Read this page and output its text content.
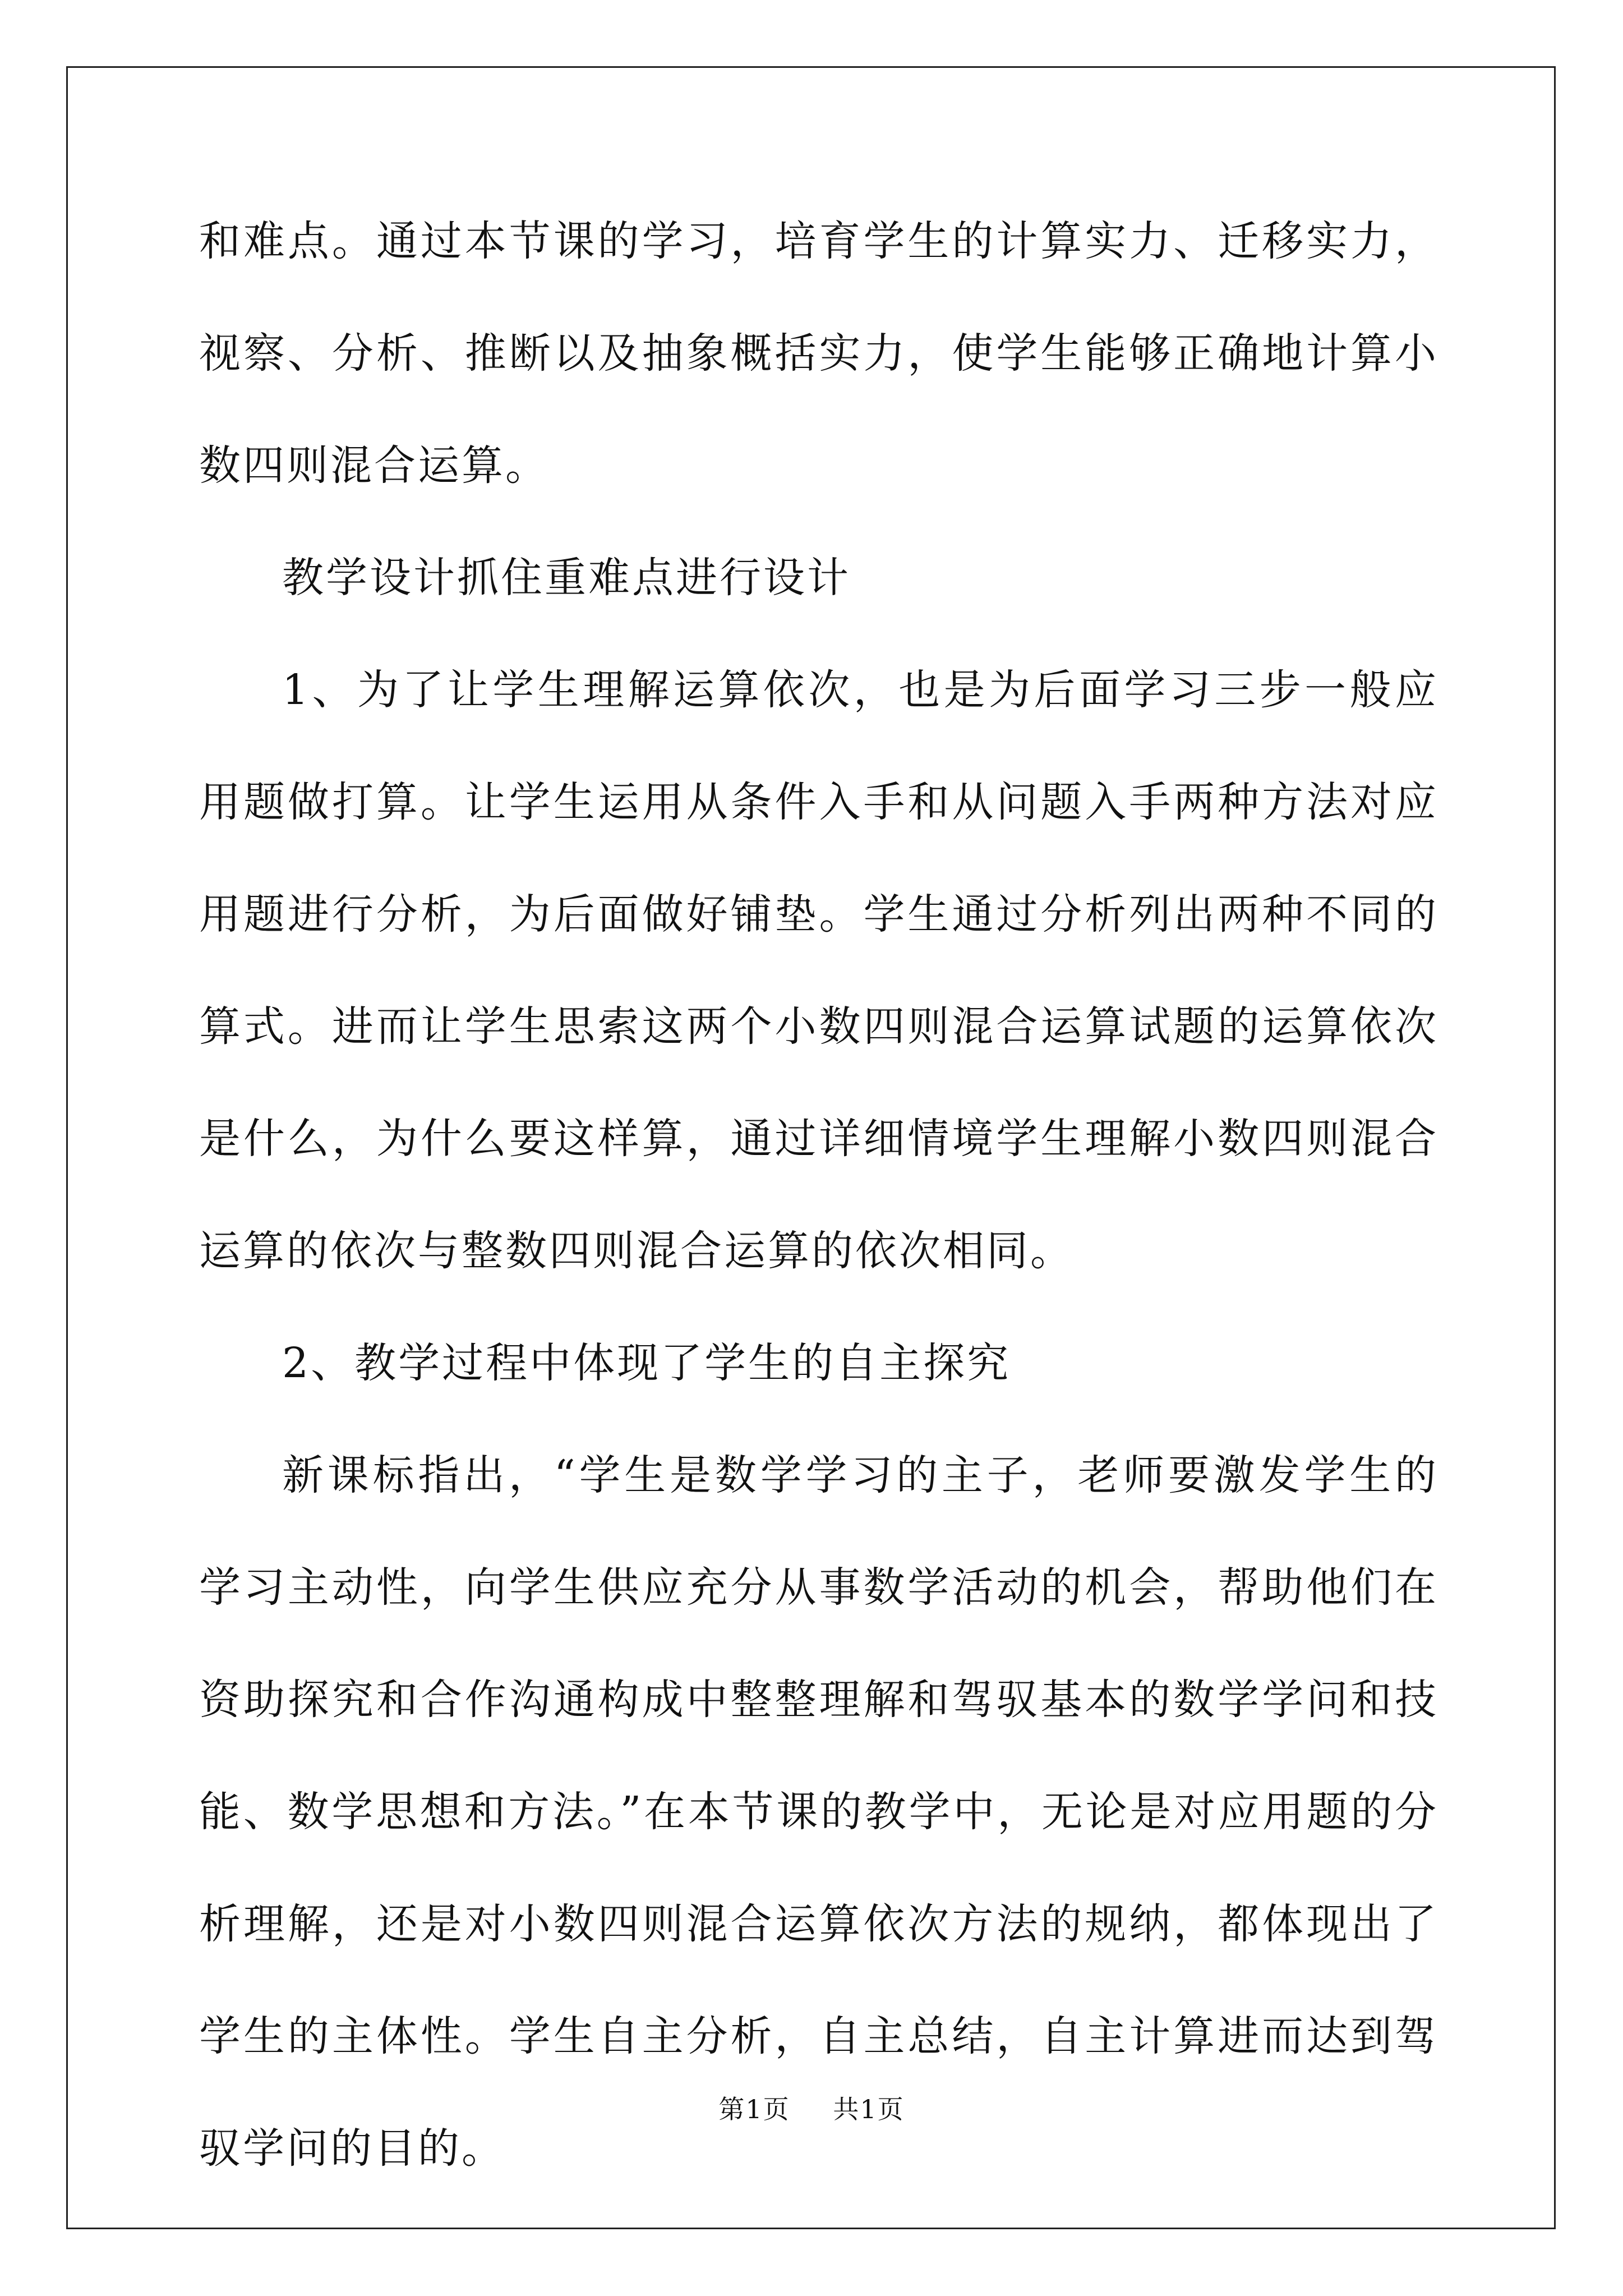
和难点。通过本节课的学习，培育学生的计算实力、迁移实力，视察、分析、推断以及抽象概括实力，使学生能够正确地计算小数四则混合运算。

教学设计抓住重难点进行设计

1、为了让学生理解运算依次，也是为后面学习三步一般应用题做打算。让学生运用从条件入手和从问题入手两种方法对应用题进行分析，为后面做好铺垫。学生通过分析列出两种不同的算式。进而让学生思索这两个小数四则混合运算试题的运算依次是什么，为什么要这样算，通过详细情境学生理解小数四则混合运算的依次与整数四则混合运算的依次相同。

2、教学过程中体现了学生的自主探究

新课标指出，“学生是数学学习的主子，老师要激发学生的学习主动性，向学生供应充分从事数学活动的机会，帮助他们在资助探究和合作沟通构成中整整理解和驾驭基本的数学学问和技能、数学思想和方法。”在本节课的教学中，无论是对应用题的分析理解，还是对小数四则混合运算依次方法的规纳，都体现出了学生的主体性。学生自主分析，自主总结，自主计算进而达到驾驭学问的目的。

第1页 共1页
